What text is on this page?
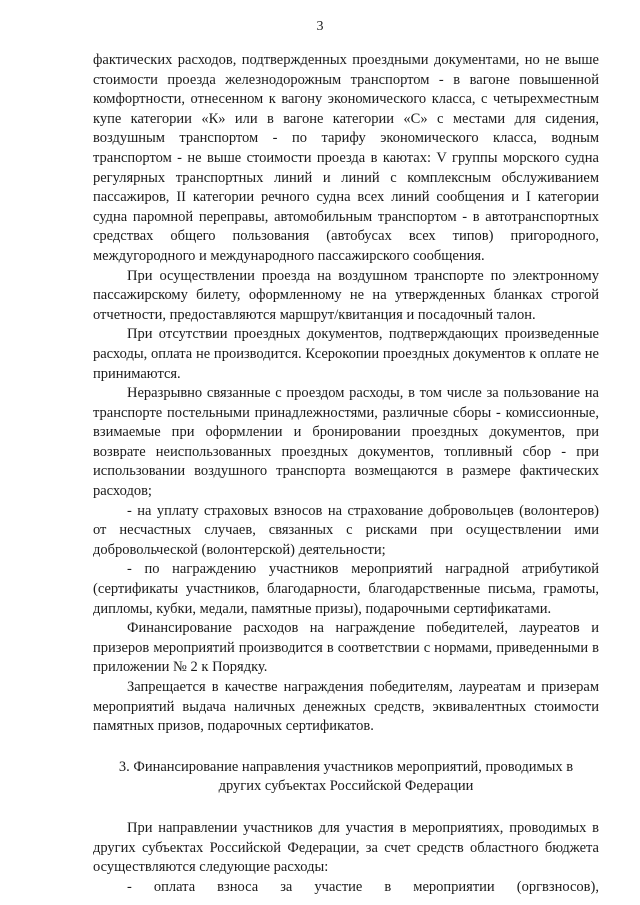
3

фактических расходов, подтвержденных проездными документами, но не выше стоимости проезда железнодорожным транспортом - в вагоне повышенной комфортности, отнесенном к вагону экономического класса, с четырехместным купе категории «К» или в вагоне категории «С» с местами для сидения, воздушным транспортом - по тарифу экономического класса, водным транспортом - не выше стоимости проезда в каютах: V группы морского судна регулярных транспортных линий и линий с комплексным обслуживанием пассажиров, II категории речного судна всех линий сообщения и I категории судна паромной переправы, автомобильным транспортом - в автотранспортных средствах общего пользования (автобусах всех типов) пригородного, междугородного и международного пассажирского сообщения.

При осуществлении проезда на воздушном транспорте по электронному пассажирскому билету, оформленному не на утвержденных бланках строгой отчетности, предоставляются маршрут/квитанция и посадочный талон.

При отсутствии проездных документов, подтверждающих произведенные расходы, оплата не производится. Ксерокопии проездных документов к оплате не принимаются.

Неразрывно связанные с проездом расходы, в том числе за пользование на транспорте постельными принадлежностями, различные сборы - комиссионные, взимаемые при оформлении и бронировании проездных документов, при возврате неиспользованных проездных документов, топливный сбор - при использовании воздушного транспорта возмещаются в размере фактических расходов;

- на уплату страховых взносов на страхование добровольцев (волонтеров) от несчастных случаев, связанных с рисками при осуществлении ими добровольческой (волонтерской) деятельности;

- по награждению участников мероприятий наградной атрибутикой (сертификаты участников, благодарности, благодарственные письма, грамоты, дипломы, кубки, медали, памятные призы), подарочными сертификатами.

Финансирование расходов на награждение победителей, лауреатов и призеров мероприятий производится в соответствии с нормами, приведенными в приложении № 2 к Порядку.

Запрещается в качестве награждения победителям, лауреатам и призерам мероприятий выдача наличных денежных средств, эквивалентных стоимости памятных призов, подарочных сертификатов.

3. Финансирование направления участников мероприятий, проводимых в
других субъектах Российской Федерации

При направлении участников для участия в мероприятиях, проводимых в других субъектах Российской Федерации, за счет средств областного бюджета осуществляются следующие расходы:

- оплата взноса за участие в мероприятии (оргвзносов),
